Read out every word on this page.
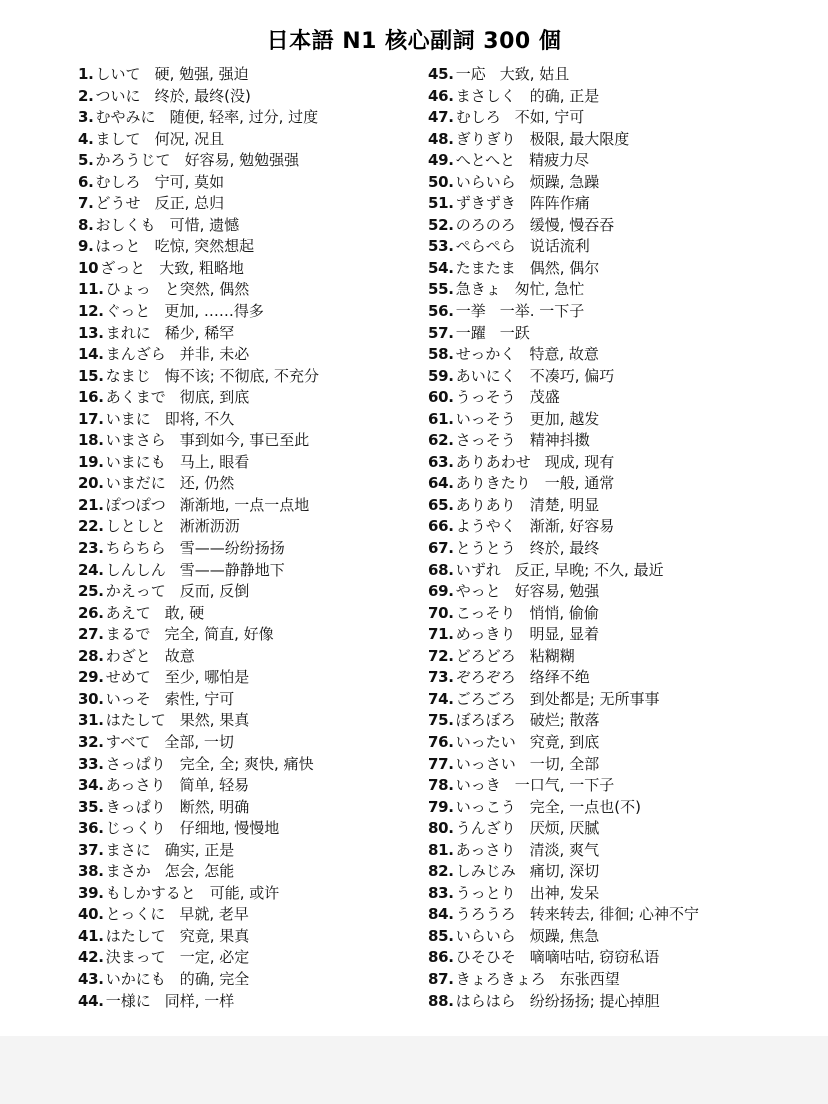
日本語 N1 核心副詞 300 個
1. しいて 硬, 勉强, 强迫
2. ついに 终於, 最终(没)
3. むやみに 随便, 轻率, 过分, 过度
4. まして 何况, 况且
5. かろうじて 好容易, 勉勉强强
6. むしろ 宁可, 莫如
7. どうせ 反正, 总归
8. おしくも 可惜, 遗憾
9. はっと 吃惊, 突然想起
10 ざっと 大致, 粗略地
11. ひょっ と突然, 偶然
12. ぐっと 更加, ……得多
13. まれに 稀少, 稀罕
14. まんざら 并非, 未必
15. なまじ 悔不该; 不彻底, 不充分
16. あくまで 彻底, 到底
17. いまに 即将, 不久
18. いまさら 事到如今, 事已至此
19. いまにも 马上, 眼看
20. いまだに 还, 仍然
21. ぽつぽつ 渐渐地, 一点一点地
22. しとしと 淅淅沥沥
23. ちらちら 雪——纷纷扬扬
24. しんしん 雪——静静地下
25. かえって 反而, 反倒
26. あえて 敢, 硬
27. まるで 完全, 简直, 好像
28. わざと 故意
29. せめて 至少, 哪怕是
30. いっそ 索性, 宁可
31. はたして 果然, 果真
32. すべて 全部, 一切
33. さっぱり 完全, 全; 爽快, 痛快
34. あっさり 简单, 轻易
35. きっぱり 断然, 明确
36. じっくり 仔细地, 慢慢地
37. まさに 确实, 正是
38. まさか 怎会, 怎能
39. もしかすると 可能, 或许
40. とっくに 早就, 老早
41. はたして 究竟, 果真
42. 決まって 一定, 必定
43. いかにも 的确, 完全
44. 一様に 同样, 一样
45. 一応 大致, 姑且
46. まさしく 的确, 正是
47. むしろ 不如, 宁可
48. ぎりぎり 极限, 最大限度
49. へとへと 精疲力尽
50. いらいら 烦躁, 急躁
51. ずきずき 阵阵作痛
52. のろのろ 缓慢, 慢吞吞
53. ぺらぺら 说话流利
54. たまたま 偶然, 偶尔
55. 急きょ 匆忙, 急忙
56. 一挙 一举. 一下子
57. 一躍 一跃
58. せっかく 特意, 故意
59. あいにく 不凑巧, 偏巧
60. うっそう 茂盛
61. いっそう 更加, 越发
62. さっそう 精神抖擞
63. ありあわせ 现成, 现有
64. ありきたり 一般, 通常
65. ありあり 清楚, 明显
66. ようやく 渐渐, 好容易
67. とうとう 终於, 最终
68. いずれ 反正, 早晚; 不久, 最近
69. やっと 好容易, 勉强
70. こっそり 悄悄, 偷偷
71. めっきり 明显, 显着
72. どろどろ 粘糊糊
73. ぞろぞろ 络绎不绝
74. ごろごろ 到处都是; 无所事事
75. ぼろぼろ 破烂; 散落
76. いったい 究竟, 到底
77. いっさい 一切, 全部
78. いっき 一口气, 一下子
79. いっこう 完全, 一点也(不)
80. うんざり 厌烦, 厌腻
81. あっさり 清淡, 爽气
82. しみじみ 痛切, 深切
83. うっとり 出神, 发呆
84. うろうろ 转来转去, 徘徊; 心神不宁
85. いらいら 烦躁, 焦急
86. ひそひそ 嘀嘀咕咕, 窃窃私语
87. きょろきょろ 东张西望
88. はらはら 纷纷扬扬; 提心掉胆
